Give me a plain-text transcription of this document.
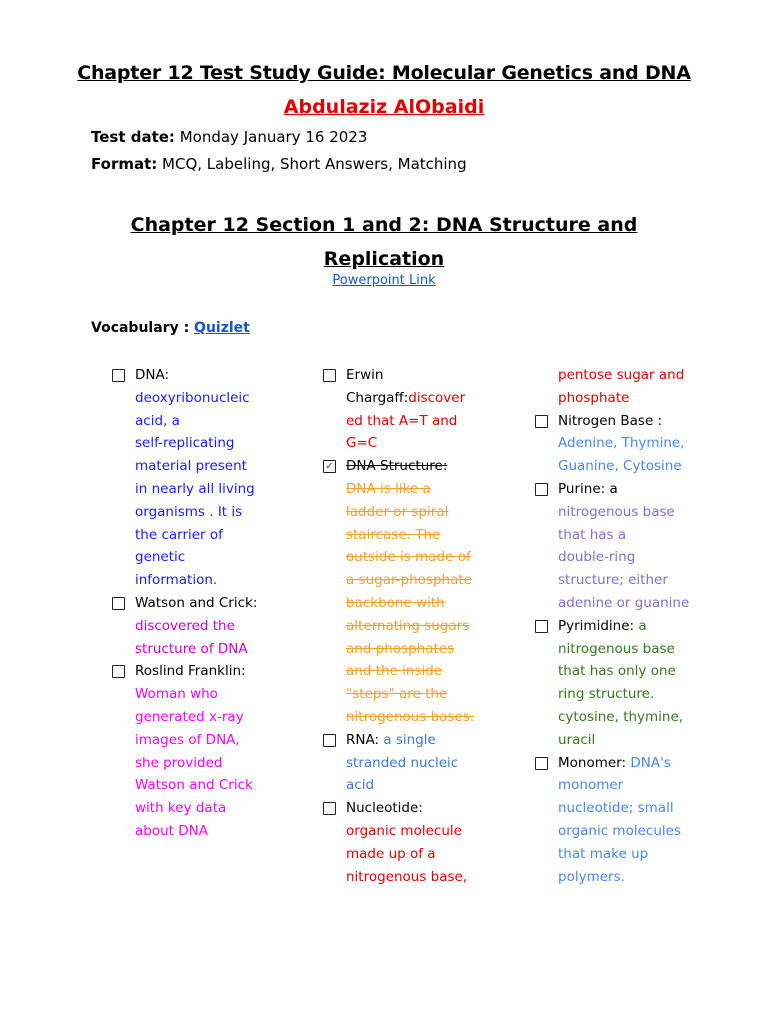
Chapter 12 Test Study Guide: Molecular Genetics and DNA
Abdulaziz AlObaidi
Test date: Monday January 16 2023
Format: MCQ, Labeling, Short Answers, Matching
Chapter 12 Section 1 and 2: DNA Structure and
Replication
Powerpoint Link
Vocabulary : Quizlet
DNA:
deoxyribonucleic
acid, a
self-replicating
material present
in nearly all living
organisms . It is
the carrier of
genetic
information.
Watson and Crick:
discovered the
structure of DNA
Roslind Franklin:
Woman who
generated x-ray
images of DNA,
she provided
Watson and Crick
with key data
about DNA
Erwin
Chargaff:discover
ed that A=T and
G=C
✓ DNA Structure:
DNA is like a
ladder or spiral
staircase. The
outside is made of
a sugar-phosphate
backbone with
alternating sugars
and phosphates
and the inside
"steps" are the
nitrogenous bases.
RNA: a single
stranded nucleic
acid
Nucleotide:
organic molecule
made up of a
nitrogenous base,
pentose sugar and
phosphate
Nitrogen Base :
Adenine, Thymine,
Guanine, Cytosine
Purine: a
nitrogenous base
that has a
double-ring
structure; either
adenine or guanine
Pyrimidine: a
nitrogenous base
that has only one
ring structure.
cytosine, thymine,
uracil
Monomer: DNA's
monomer
nucleotide; small
organic molecules
that make up
polymers.
